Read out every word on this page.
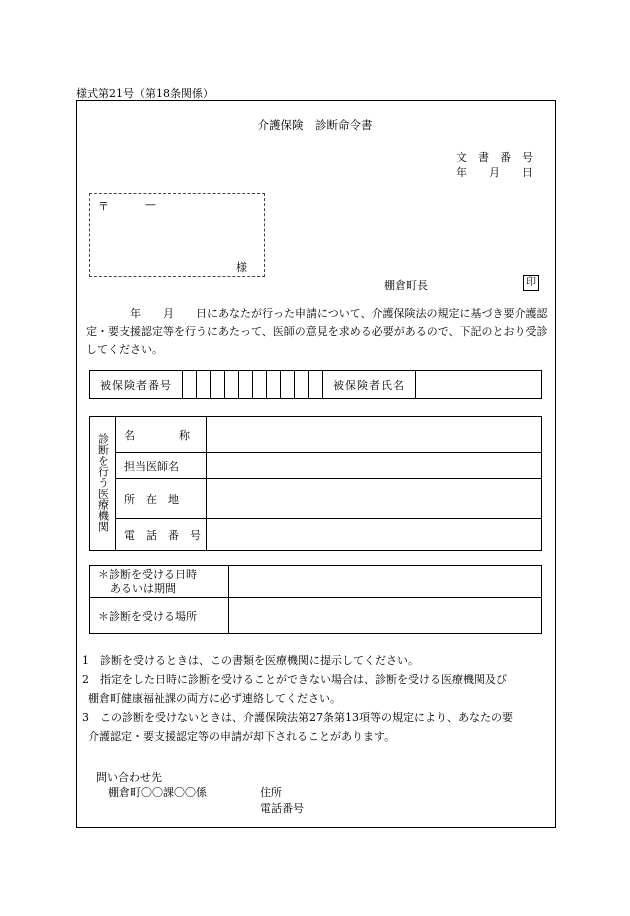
様式第21号（第18条関係）
介護保険　診断命令書
文　書　番　号
年　　月　　日
〒	—
様
棚倉町長	印
年　　月　　日にあなたが行った申請について、介護保険法の規定に基づき要介護認定・要支援認定等を行うにあたって、医師の意見を求める必要があるので、下記のとおり受診してください。
被保険者番号											被保険者氏名	
診断を行う医療機関	名　　　　称	
	担当医師名	
	所　在　地	
	電　話　番　号	
＊診断を受ける日時
あるいは期間	

＊診断を受ける場所	

1　診断を受けるときは、この書類を医療機関に提示してください。

2　指定をした日時に診断を受けることができない場合は、診断を受ける医療機関及び

棚倉町健康福祉課の両方に必ず連絡してください。

3　この診断を受けないときは、介護保険法第27条第13項等の規定により、あなたの要

介護認定・要支援認定等の申請が却下されることがあります。

問い合わせ先
棚倉町〇〇課〇〇係	住所
電話番号
